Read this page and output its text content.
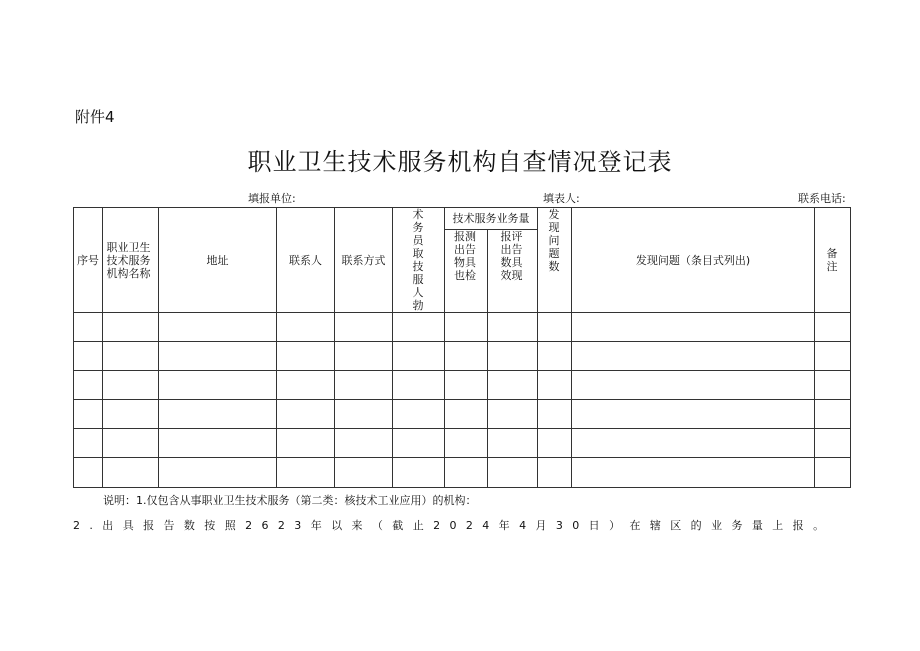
附件4
职业卫生技术服务机构自查情况登记表
填报单位:	填表人:	联系电话:
序号	职业卫生技术服务机构名称	地址	联系人	联系方式	术务员取技服人勃	技术服务业务量		发现问题数	发现问题（条目式列出)	备注

						报测出告物具也检	报评出告数具效现			

说明：1.仅包含从事职业卫生技术服务（第二类：核技术工业应用）的机构：
2.出具报告数按照2623年以来（截止2024年4月30日）在辖区的业务量上报。
